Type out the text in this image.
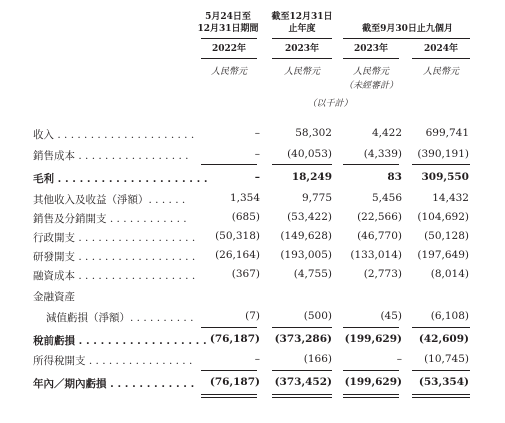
5月24日至
12月31日期間
截至12月31日
止年度	截至9月30日止九個月
2022年	2023年	2023年	2024年
人民幣元	人民幣元	人民幣元	人民幣元
（未經審計）
（以千計）
收入 . . . . . . . . . . . . . . . . . . . . .	–	58,302	4,422 699,741
銷售成本 . . . . . . . . . . . . . . . . .	–	(40,053)	(4,339) (390,191)
毛利 . . . . . . . . . . . . . . . . . . . . .	–	18,249	83 309,550
其他收入及收益（淨額）. . . . . .	1,354	9,775	5,456	14,432
銷售及分銷開支 . . . . . . . . . . . .	(685)	(53,422) (22,566) (104,692)
行政開支 . . . . . . . . . . . . . . . . . . (50,318) (149,628) (46,770) (50,128)
研發開支 . . . . . . . . . . . . . . . . . . (26,164) (193,005) (133,014) (197,649)
融資成本 . . . . . . . . . . . . . . . . . .	(367)	(4,755)	(2,773)	(8,014)
金融資產
減值虧損（淨額）. . . . . . . . . .	(7)	(500)	(45)	(6,108)
稅前虧損 . . . . . . . . . . . . . . . . . . (76,187) (373,286) (199,629) (42,609)
所得稅開支 . . . . . . . . . . . . . . . .	–	(166)	– (10,745)
年內／期內虧損 . . . . . . . . . . . . (76,187) (373,452) (199,629) (53,354)
